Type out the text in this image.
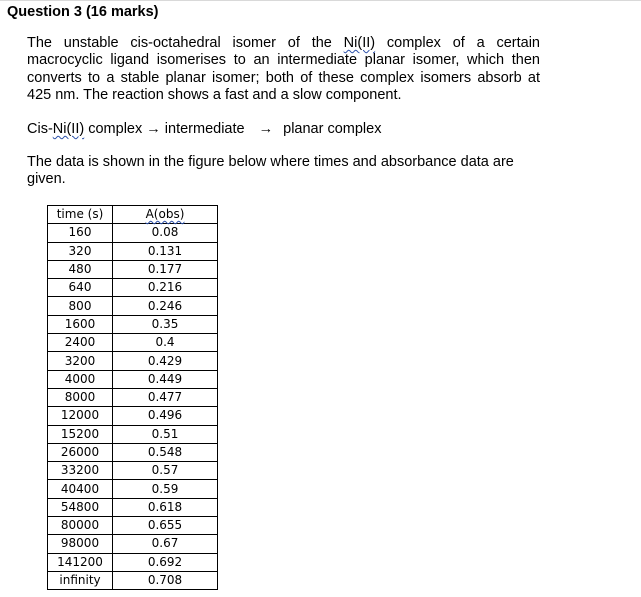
Question 3 (16 marks)
The unstable cis-octahedral isomer of the Ni(II) complex of a certain macrocyclic ligand isomerises to an intermediate planar isomer, which then converts to a stable planar isomer; both of these complex isomers absorb at 425 nm. The reaction shows a fast and a slow component.
Cis-Ni(II) complex → intermediate → planar complex
The data is shown in the figure below where times and absorbance data are given.
time (s)	A(obs)
160	0.08
320	0.131
480	0.177
640	0.216
800	0.246
1600	0.35
2400	0.4
3200	0.429
4000	0.449
8000	0.477
12000	0.496
15200	0.51
26000	0.548
33200	0.57
40400	0.59
54800	0.618
80000	0.655
98000	0.67
141200	0.692
infinity	0.708
